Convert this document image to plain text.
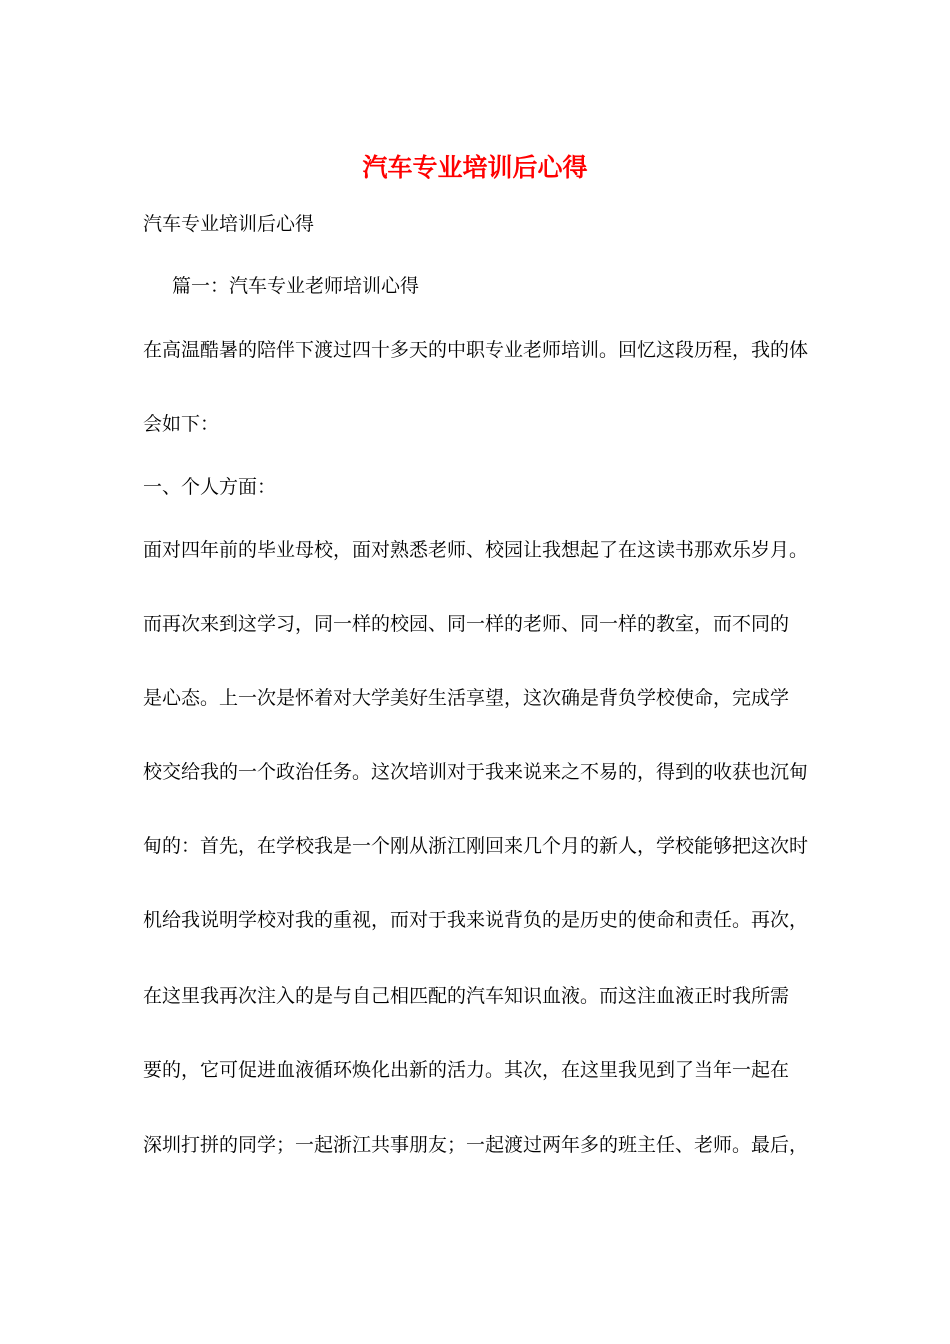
汽车专业培训后心得
汽车专业培训后心得
篇一：汽车专业老师培训心得
在高温酷暑的陪伴下渡过四十多天的中职专业老师培训。回忆这段历程，我的体
会如下：
一、个人方面：
面对四年前的毕业母校，面对熟悉老师、校园让我想起了在这读书那欢乐岁月。
而再次来到这学习，同一样的校园、同一样的老师、同一样的教室，而不同的
是心态。上一次是怀着对大学美好生活享望，这次确是背负学校使命，完成学
校交给我的一个政治任务。这次培训对于我来说来之不易的，得到的收获也沉甸
甸的：首先，在学校我是一个刚从浙江刚回来几个月的新人，学校能够把这次时
机给我说明学校对我的重视，而对于我来说背负的是历史的使命和责任。再次，
在这里我再次注入的是与自己相匹配的汽车知识血液。而这注血液正时我所需
要的，它可促进血液循环焕化出新的活力。其次，在这里我见到了当年一起在
深圳打拼的同学；一起浙江共事朋友；一起渡过两年多的班主任、老师。最后，
